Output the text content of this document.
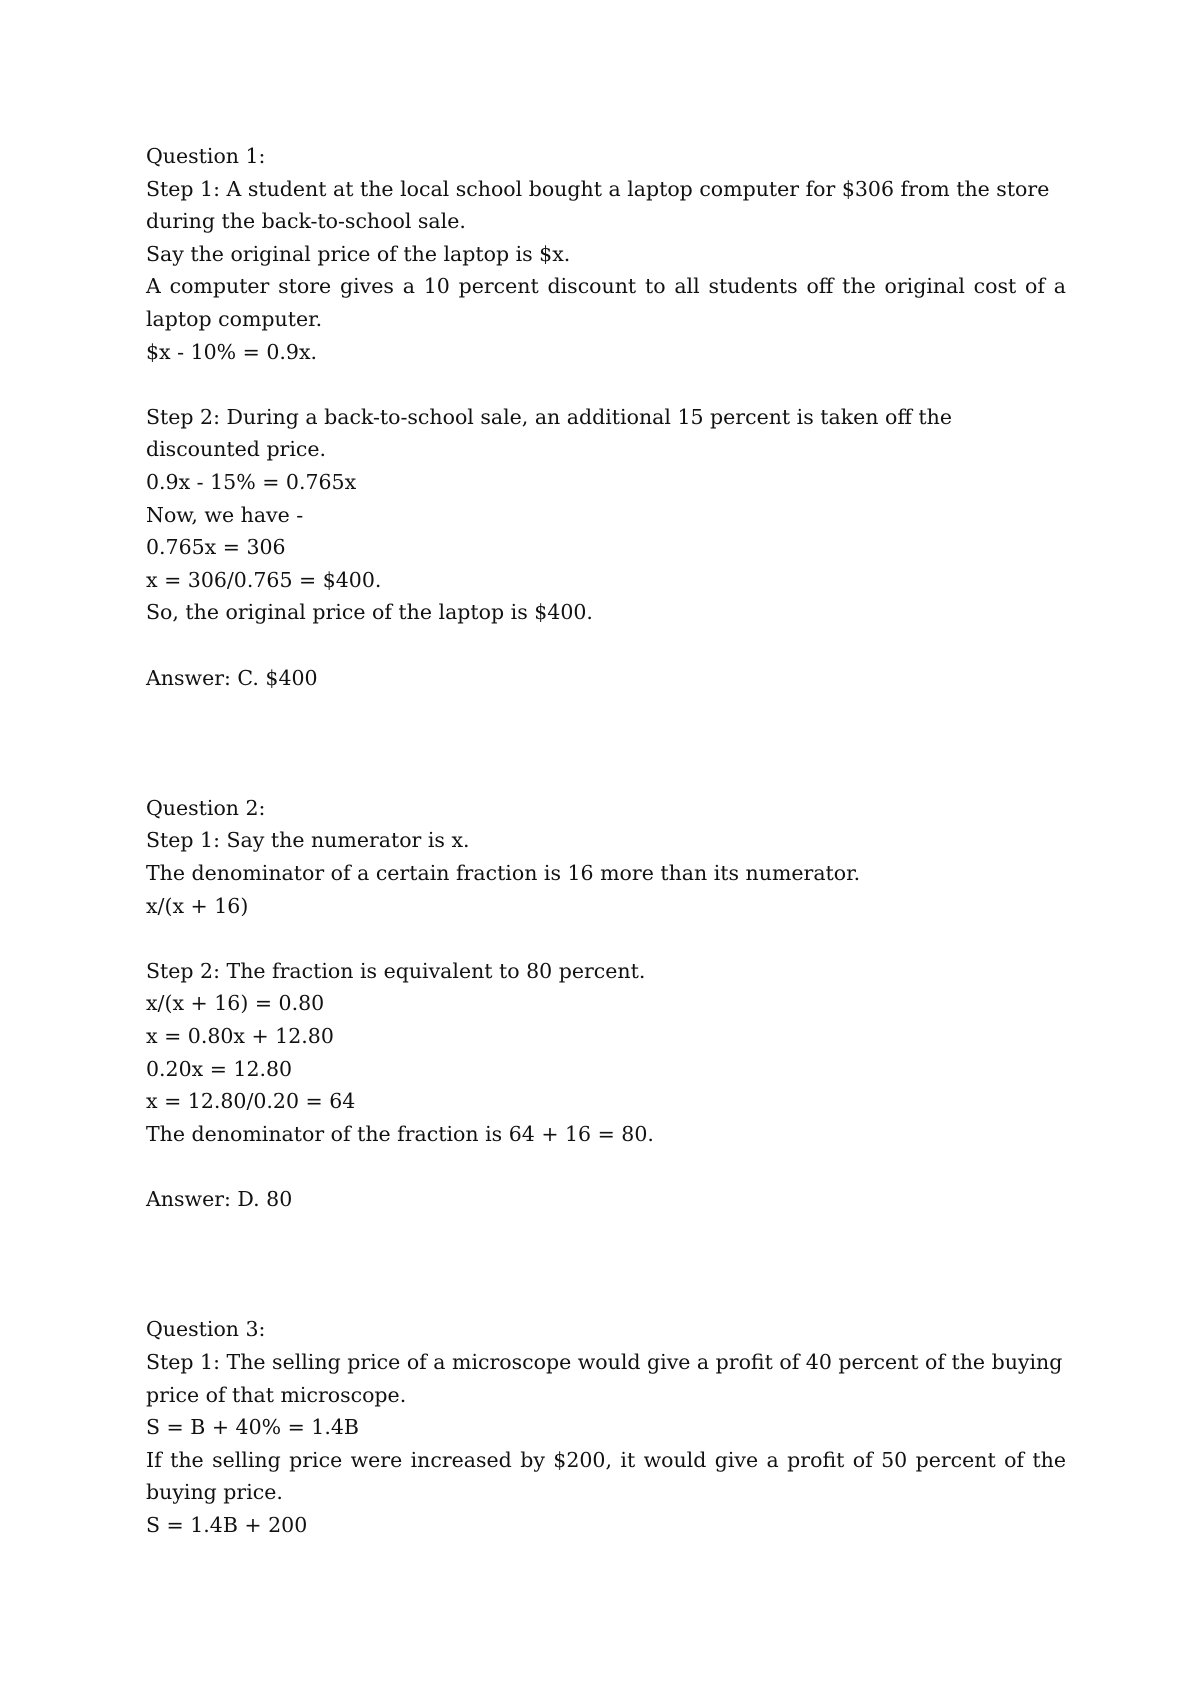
Question 1:

Step 1: A student at the local school bought a laptop computer for $306 from the store during the back-to-school sale.

Say the original price of the laptop is $x.

A computer store gives a 10 percent discount to all students off the original cost of a laptop computer.

$x - 10% = 0.9x.

Step 2: During a back-to-school sale, an additional 15 percent is taken off the discounted price.

0.9x - 15% = 0.765x

Now, we have -

0.765x = 306

x = 306/0.765 = $400.

So, the original price of the laptop is $400.

Answer: C. $400

Question 2:

Step 1: Say the numerator is x.

The denominator of a certain fraction is 16 more than its numerator.

x/(x + 16)

Step 2: The fraction is equivalent to 80 percent.

x/(x + 16) = 0.80

x = 0.80x + 12.80

0.20x = 12.80

x = 12.80/0.20 = 64

The denominator of the fraction is 64 + 16 = 80.

Answer: D. 80

Question 3:

Step 1: The selling price of a microscope would give a profit of 40 percent of the buying price of that microscope.

S = B + 40% = 1.4B

If the selling price were increased by $200, it would give a profit of 50 percent of the buying price.

S = 1.4B + 200
